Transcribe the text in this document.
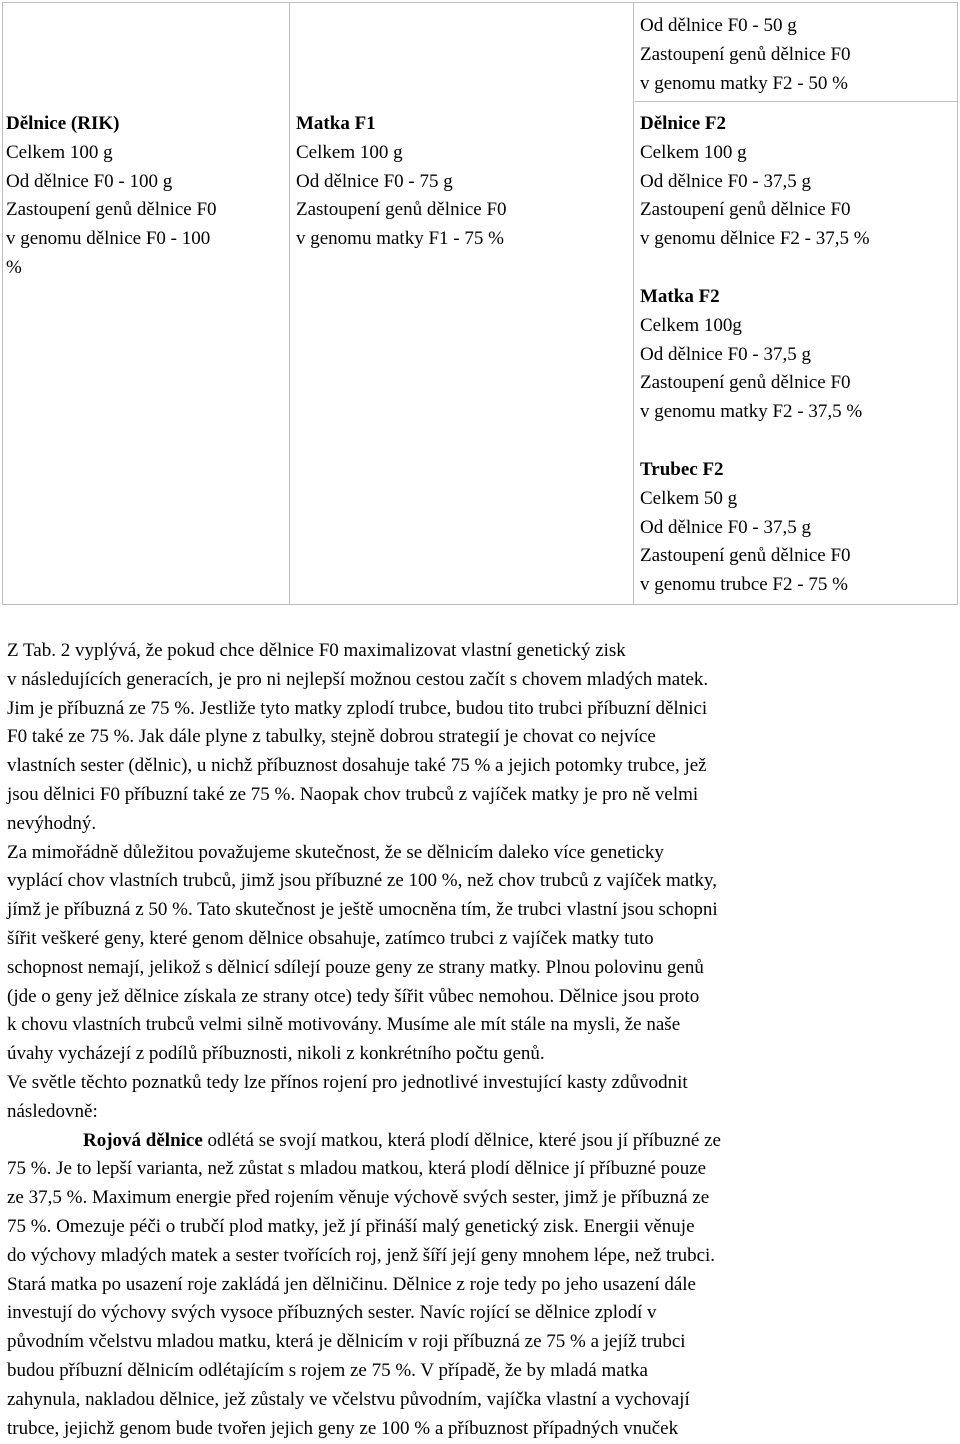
Dělnice (RIK)
Celkem 100 g
Od dělnice F0 - 100 g
Zastoupení genů dělnice F0
v genomu dělnice F0 - 100
%
Matka F1
Celkem 100 g
Od dělnice F0 - 75 g
Zastoupení genů dělnice F0
v genomu matky F1 - 75 %
Od dělnice F0 - 50 g
Zastoupení genů dělnice F0
v genomu matky F2 - 50 %
Dělnice F2
Celkem 100 g
Od dělnice F0 - 37,5 g
Zastoupení genů dělnice F0
v genomu dělnice F2 - 37,5 %
Matka F2
Celkem 100g
Od dělnice F0 - 37,5 g
Zastoupení genů dělnice F0
v genomu matky F2 - 37,5 %
Trubec F2
Celkem 50 g
Od dělnice F0 - 37,5 g
Zastoupení genů dělnice F0
v genomu trubce F2 - 75 %
Z Tab. 2 vyplývá, že pokud chce dělnice F0 maximalizovat vlastní genetický zisk
v následujících generacích, je pro ni nejlepší možnou cestou začít s chovem mladých matek.
Jim je příbuzná ze 75 %. Jestliže tyto matky zplodí trubce, budou tito trubci příbuzní dělnici
F0 také ze 75 %. Jak dále plyne z tabulky, stejně dobrou strategií je chovat co nejvíce
vlastních sester (dělnic), u nichž příbuznost dosahuje také 75 % a jejich potomky trubce, jež
jsou dělnici F0 příbuzní také ze 75 %. Naopak chov trubců z vajíček matky je pro ně velmi
nevýhodný.
Za mimořádně důležitou považujeme skutečnost, že se dělnicím daleko více geneticky
vyplácí chov vlastních trubců, jimž jsou příbuzné ze 100 %, než chov trubců z vajíček matky,
jímž je příbuzná z 50 %. Tato skutečnost je ještě umocněna tím, že trubci vlastní jsou schopni
šířit veškeré geny, které genom dělnice obsahuje, zatímco trubci z vajíček matky tuto
schopnost nemají, jelikož s dělnicí sdílejí pouze geny ze strany matky. Plnou polovinu genů
(jde o geny jež dělnice získala ze strany otce) tedy šířit vůbec nemohou. Dělnice jsou proto
k chovu vlastních trubců velmi silně motivovány. Musíme ale mít stále na mysli, že naše
úvahy vycházejí z podílů příbuznosti, nikoli z konkrétního počtu genů.
Ve světle těchto poznatků tedy lze přínos rojení pro jednotlivé investující kasty zdůvodnit
následovně:
Rojová dělnice odlétá se svojí matkou, která plodí dělnice, které jsou jí příbuzné ze
75 %. Je to lepší varianta, než zůstat s mladou matkou, která plodí dělnice jí příbuzné pouze
ze 37,5 %. Maximum energie před rojením věnuje výchově svých sester, jimž je příbuzná ze
75 %. Omezuje péči o trubčí plod matky, jež jí přináší malý genetický zisk. Energii věnuje
do výchovy mladých matek a sester tvořících roj, jenž šíří její geny mnohem lépe, než trubci.
Stará matka po usazení roje zakládá jen dělničinu. Dělnice z roje tedy po jeho usazení dále
investují do výchovy svých vysoce příbuzných sester. Navíc rojící se dělnice zplodí v
původním včelstvu mladou matku, která je dělnicím v roji příbuzná ze 75 % a jejíž trubci
budou příbuzní dělnicím odlétajícím s rojem ze 75 %. V případě, že by mladá matka
zahynula, nakladou dělnice, jež zůstaly ve včelstvu původním, vajíčka vlastní a vychovají
trubce, jejichž genom bude tvořen jejich geny ze 100 % a příbuznost případných vnuček
